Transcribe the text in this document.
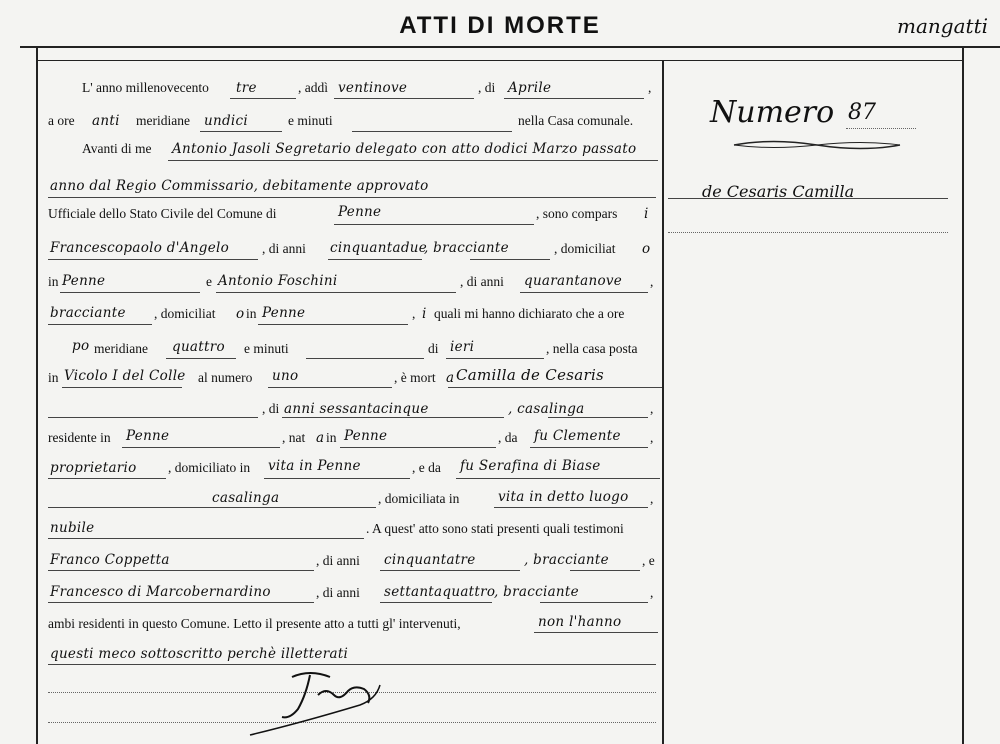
ATTI DI MORTE	mangatti
Numero 87
de Cesaris Camilla
L' anno millenovecento tre	, addì ventinove	, di Aprile	,
a ore anti meridiane undici	e minuti	nella Casa comunale.
Avanti di me Antonio Jasoli Segretario delegato con atto dodici Marzo passato
anno dal Regio Commissario, debitamente approvato
Ufficiale dello Stato Civile del Comune di	Penne	, sono compars i
Francescopaolo d'Angelo , di anni cinquantadue
, bracciante	, domiciliat o
in Penne	e Antonio Foschini	, di anni quarantanove ,
bracciante , domiciliat o in Penne	, i quali mi hanno dichiarato che a ore
po meridiane quattro e minuti	di ieri	, nella casa posta
in Vicolo I del Colle al numero uno	, è mort a Camilla de Cesaris
, di anni sessantacinque	, casalinga	,
residente in Penne	, nat a in Penne	, da fu Clemente ,
proprietario , domiciliato in vita in Penne	, e da fu Serafina di Biase
casalinga	, domiciliata in	vita in detto luogo ,
nubile	. A quest' atto sono stati presenti quali testimoni
Franco Coppetta	, di anni cinquantatre	, bracciante , e
Francesco di Marcobernardino	, di anni settantaquattro
, bracciante	,
ambi residenti in questo Comune. Letto il presente atto a tutti gl' intervenuti,	non l'hanno
questi meco sottoscritto perchè illetterati
